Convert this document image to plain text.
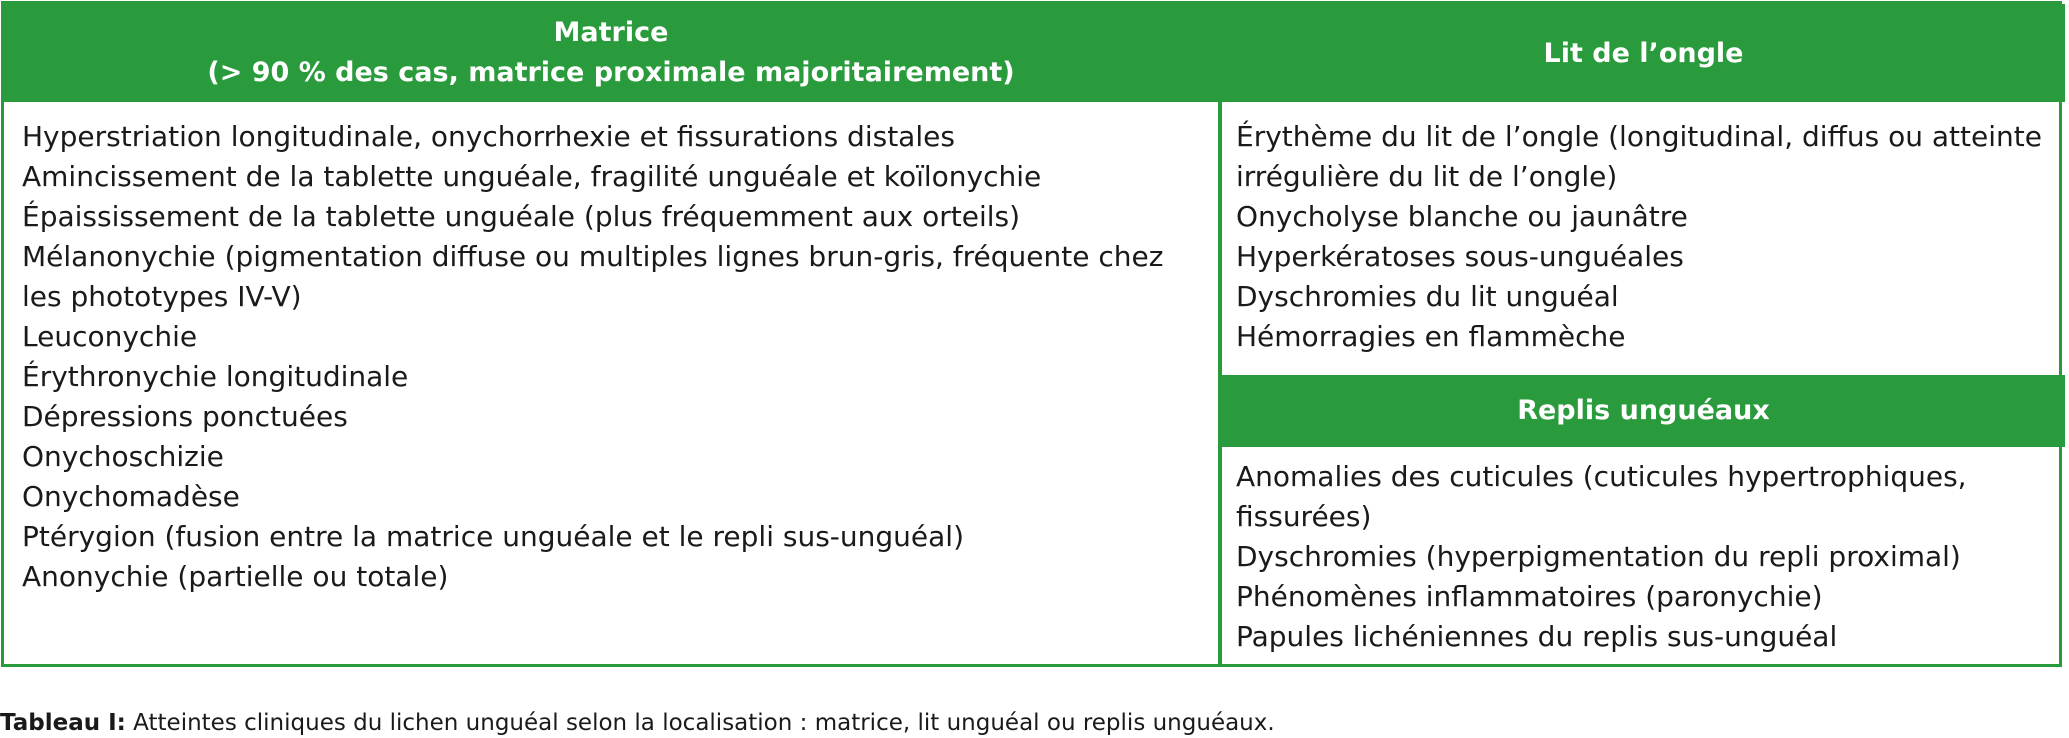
Matrice
(> 90 % des cas, matrice proximale majoritairement)
Lit de l’ongle
Hyperstriation longitudinale, onychorrhexie et fissurations distales
Amincissement de la tablette unguéale, fragilité unguéale et koïlonychie
Épaississement de la tablette unguéale (plus fréquemment aux orteils)
Mélanonychie (pigmentation diffuse ou multiples lignes brun-gris, fréquente chez les phototypes IV-V)
Leuconychie
Érythronychie longitudinale
Dépressions ponctuées
Onychoschizie
Onychomadèse
Ptérygion (fusion entre la matrice unguéale et le repli sus-unguéal)
Anonychie (partielle ou totale)
Érythème du lit de l’ongle (longitudinal, diffus ou atteinte irrégulière du lit de l’ongle)
Onycholyse blanche ou jaunâtre
Hyperkératoses sous-unguéales
Dyschromies du lit unguéal
Hémorragies en flammèche
Replis unguéaux
Anomalies des cuticules (cuticules hypertrophiques, fissurées)
Dyschromies (hyperpigmentation du repli proximal)
Phénomènes inflammatoires (paronychie)
Papules lichéniennes du replis sus-unguéal
Tableau I: Atteintes cliniques du lichen unguéal selon la localisation : matrice, lit unguéal ou replis unguéaux.
